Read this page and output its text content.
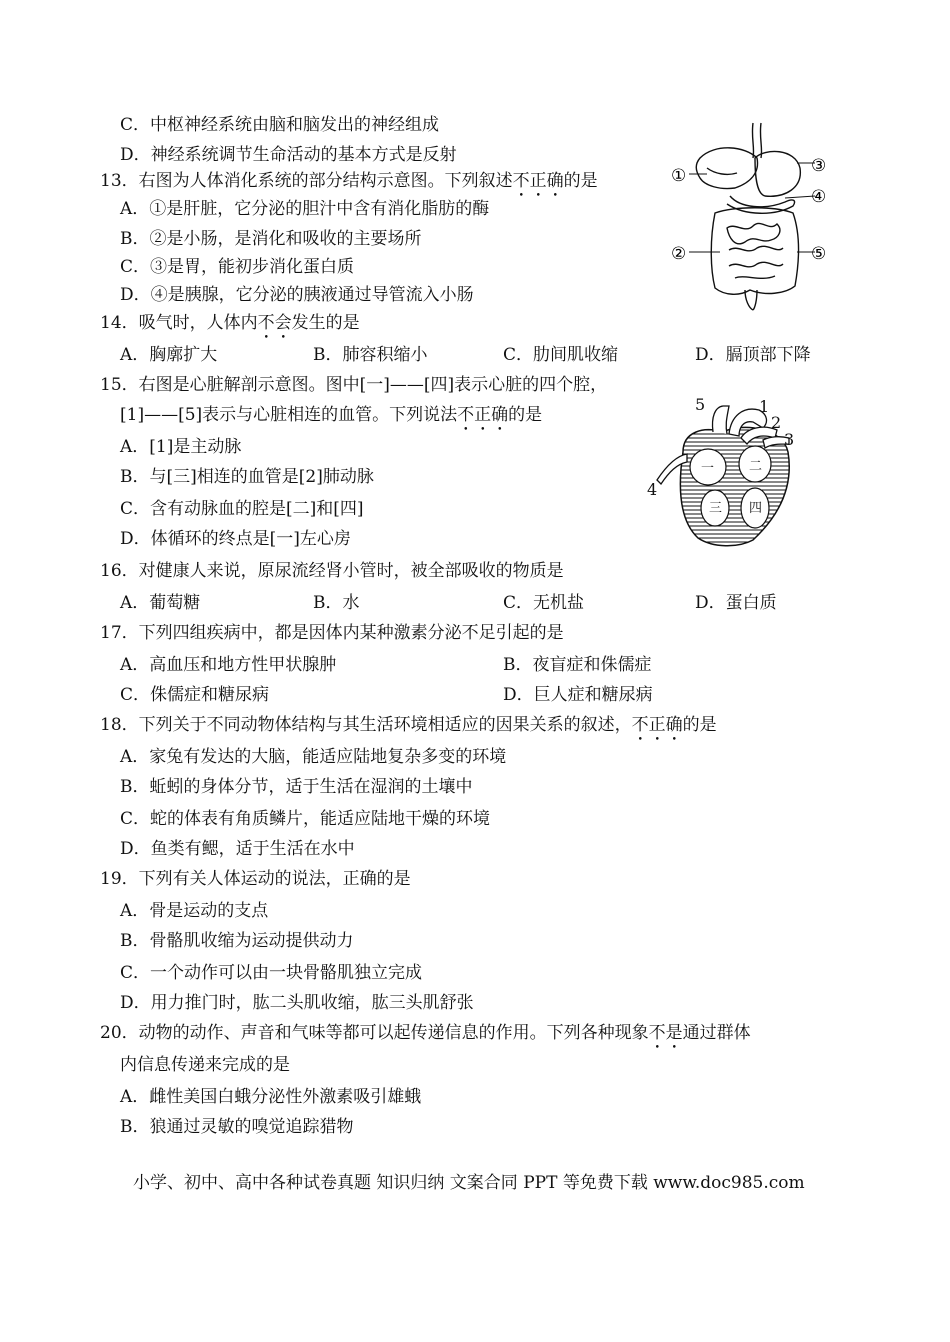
C．中枢神经系统由脑和脑发出的神经组成
D．神经系统调节生命活动的基本方式是反射
13．右图为人体消化系统的部分结构示意图。下列叙述不正确的是
A．①是肝脏，它分泌的胆汁中含有消化脂肪的酶
B．②是小肠，是消化和吸收的主要场所
C．③是胃，能初步消化蛋白质
D．④是胰腺，它分泌的胰液通过导管流入小肠
①
②
③
④
⑤
14．吸气时，人体内不会发生的是
A．胸廓扩大	B．肺容积缩小	C．肋间肌收缩	D．膈顶部下降
15．右图是心脏解剖示意图。图中[一]——[四]表示心脏的四个腔，
[1]——[5]表示与心脏相连的血管。下列说法不正确的是
A．[1]是主动脉
B．与[三]相连的血管是[2]肺动脉
C．含有动脉血的腔是[二]和[四]
D．体循环的终点是[一]左心房
1
2
3
4
5
一	二
三 四
16．对健康人来说，原尿流经肾小管时，被全部吸收的物质是
A．葡萄糖	B．水	C．无机盐	D．蛋白质
17．下列四组疾病中，都是因体内某种激素分泌不足引起的是
A．高血压和地方性甲状腺肿	B．夜盲症和侏儒症
C．侏儒症和糖尿病	D．巨人症和糖尿病
18．下列关于不同动物体结构与其生活环境相适应的因果关系的叙述，不正确的是
A．家兔有发达的大脑，能适应陆地复杂多变的环境
B．蚯蚓的身体分节，适于生活在湿润的土壤中
C．蛇的体表有角质鳞片，能适应陆地干燥的环境
D．鱼类有鳃，适于生活在水中
19．下列有关人体运动的说法，正确的是
A．骨是运动的支点
B．骨骼肌收缩为运动提供动力
C．一个动作可以由一块骨骼肌独立完成
D．用力推门时，肱二头肌收缩，肱三头肌舒张
20．动物的动作、声音和气味等都可以起传递信息的作用。下列各种现象不是通过群体
内信息传递来完成的是
A．雌性美国白蛾分泌性外激素吸引雄蛾
B．狼通过灵敏的嗅觉追踪猎物
小学、初中、高中各种试卷真题 知识归纳 文案合同 PPT 等免费下载 www.doc985.com
